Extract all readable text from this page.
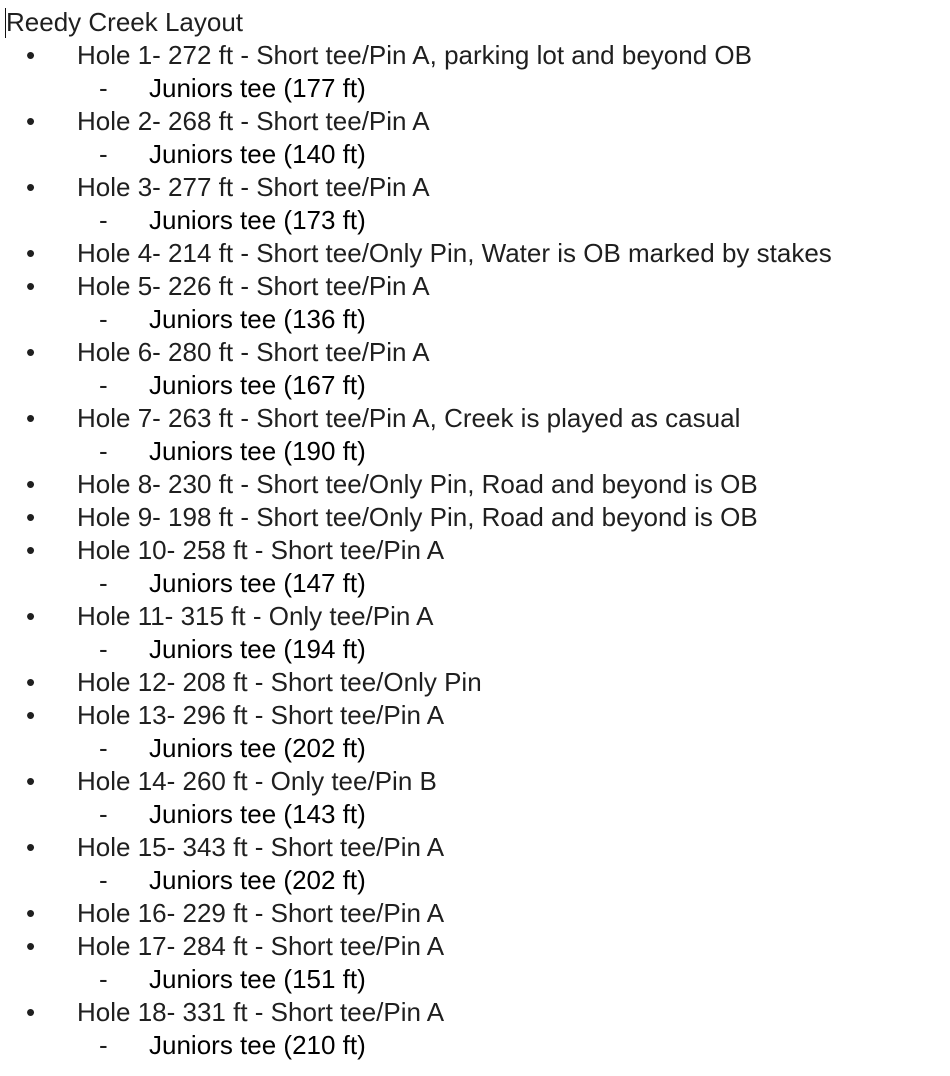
Reedy Creek Layout
• Hole 1- 272 ft - Short tee/Pin A, parking lot and beyond OB
- Juniors tee (177 ft)
• Hole 2- 268 ft - Short tee/Pin A
- Juniors tee (140 ft)
• Hole 3- 277 ft - Short tee/Pin A
- Juniors tee (173 ft)
• Hole 4- 214 ft - Short tee/Only Pin, Water is OB marked by stakes
• Hole 5- 226 ft - Short tee/Pin A
- Juniors tee (136 ft)
• Hole 6- 280 ft - Short tee/Pin A
- Juniors tee (167 ft)
• Hole 7- 263 ft - Short tee/Pin A, Creek is played as casual
- Juniors tee (190 ft)
• Hole 8- 230 ft - Short tee/Only Pin, Road and beyond is OB
• Hole 9- 198 ft - Short tee/Only Pin, Road and beyond is OB
• Hole 10- 258 ft - Short tee/Pin A
- Juniors tee (147 ft)
• Hole 11- 315 ft - Only tee/Pin A
- Juniors tee (194 ft)
• Hole 12- 208 ft - Short tee/Only Pin
• Hole 13- 296 ft - Short tee/Pin A
- Juniors tee (202 ft)
• Hole 14- 260 ft - Only tee/Pin B
- Juniors tee (143 ft)
• Hole 15- 343 ft - Short tee/Pin A
- Juniors tee (202 ft)
• Hole 16- 229 ft - Short tee/Pin A
• Hole 17- 284 ft - Short tee/Pin A
- Juniors tee (151 ft)
• Hole 18- 331 ft - Short tee/Pin A
- Juniors tee (210 ft)
